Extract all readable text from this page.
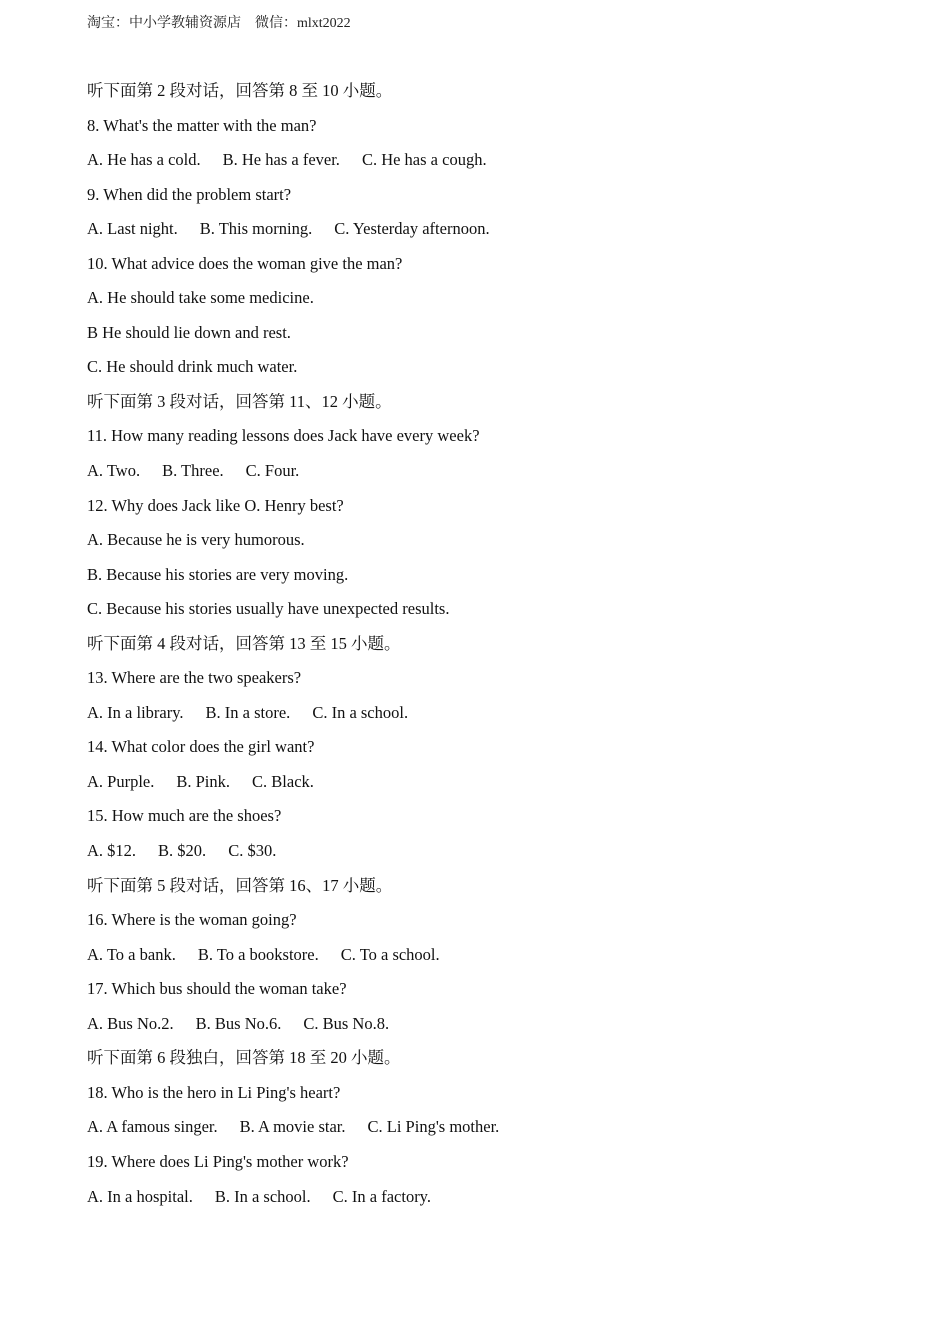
淘宝：中小学教辅资源店 微信：mlxt2022
听下面第 2 段对话，回答第 8 至 10 小题。
8. What's the matter with the man?
A. He has a cold. B. He has a fever. C. He has a cough.
9. When did the problem start?
A. Last night. B. This morning. C. Yesterday afternoon.
10. What advice does the woman give the man?
A. He should take some medicine.
B He should lie down and rest.
C. He should drink much water.
听下面第 3 段对话，回答第 11、12 小题。
11. How many reading lessons does Jack have every week?
A. Two. B. Three. C. Four.
12. Why does Jack like O. Henry best?
A. Because he is very humorous.
B. Because his stories are very moving.
C. Because his stories usually have unexpected results.
听下面第 4 段对话，回答第 13 至 15 小题。
13. Where are the two speakers?
A. In a library. B. In a store. C. In a school.
14. What color does the girl want?
A. Purple. B. Pink. C. Black.
15. How much are the shoes?
A. $12. B. $20. C. $30.
听下面第 5 段对话，回答第 16、17 小题。
16. Where is the woman going?
A. To a bank. B. To a bookstore. C. To a school.
17. Which bus should the woman take?
A. Bus No.2. B. Bus No.6. C. Bus No.8.
听下面第 6 段独白，回答第 18 至 20 小题。
18. Who is the hero in Li Ping's heart?
A. A famous singer. B. A movie star. C. Li Ping's mother.
19. Where does Li Ping's mother work?
A. In a hospital. B. In a school. C. In a factory.
